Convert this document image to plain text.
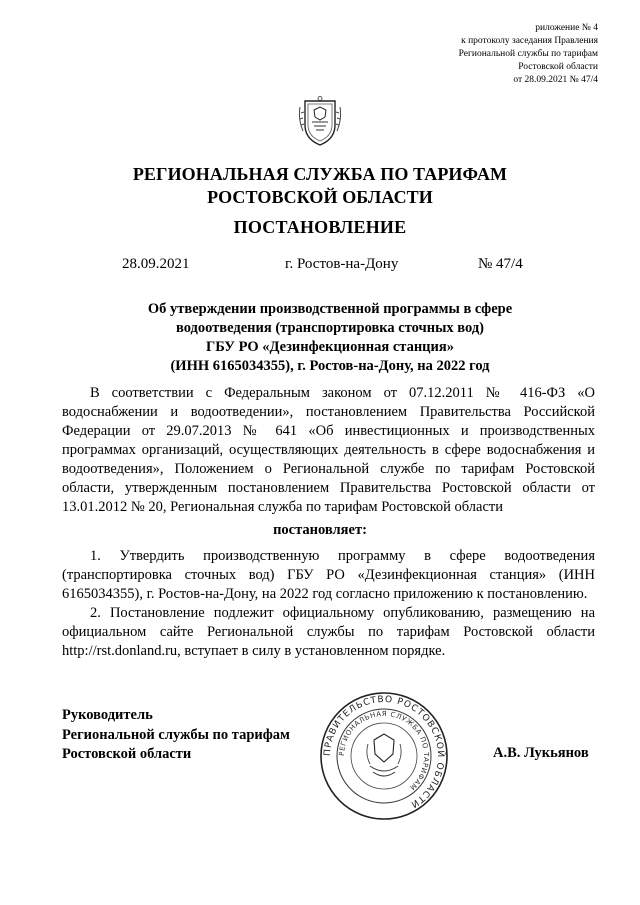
риложение № 4
к протоколу заседания Правления
Региональной службы по тарифам
Ростовской области
от 28.09.2021 № 47/4
РЕГИОНАЛЬНАЯ СЛУЖБА ПО ТАРИФАМ
РОСТОВСКОЙ ОБЛАСТИ
ПОСТАНОВЛЕНИЕ
28.09.2021	г. Ростов-на-Дону	№ 47/4
Об утверждении производственной программы в сфере
водоотведения (транспортировка сточных вод)
ГБУ РО «Дезинфекционная станция»
(ИНН 6165034355), г. Ростов-на-Дону, на 2022 год

В соответствии с Федеральным законом от 07.12.2011 № 416-ФЗ «О водоснабжении и водоотведении», постановлением Правительства Российской Федерации от 29.07.2013 № 641 «Об инвестиционных и производственных программах организаций, осуществляющих деятельность в сфере водоснабжения и водоотведения», Положением о Региональной службе по тарифам Ростовской области, утвержденным постановлением Правительства Ростовской области от 13.01.2012 № 20, Региональная служба по тарифам Ростовской области

постановляет:

1. Утвердить производственную программу в сфере водоотведения (транспортировка сточных вод) ГБУ РО «Дезинфекционная станция» (ИНН 6165034355), г. Ростов-на-Дону, на 2022 год согласно приложению к постановлению.

2. Постановление подлежит официальному опубликованию, размещению на официальном сайте Региональной службы по тарифам Ростовской области http://rst.donland.ru, вступает в силу в установленном порядке.

Руководитель
Региональной службы по тарифам
Ростовской области	ПРАВИТЕЛЬСТВО РОСТОВСКОЙ ОБЛАСТИ
РЕГИОНАЛЬНАЯ СЛУЖБА ПО ТАРИФАМ
А.В. Лукьянов
